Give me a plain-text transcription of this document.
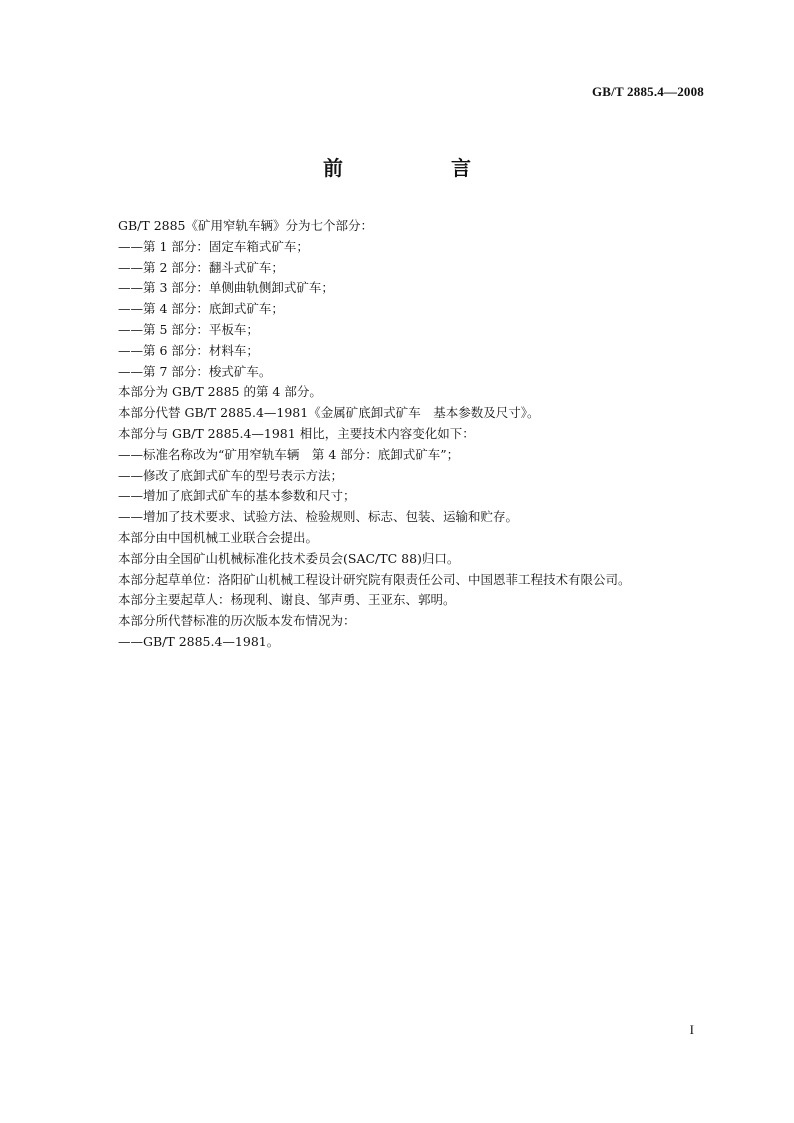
GB/T 2885.4—2008
前　言
GB/T 2885《矿用窄轨车辆》分为七个部分：
——第 1 部分：固定车箱式矿车；
——第 2 部分：翻斗式矿车；
——第 3 部分：单侧曲轨侧卸式矿车；
——第 4 部分：底卸式矿车；
——第 5 部分：平板车；
——第 6 部分：材料车；
——第 7 部分：梭式矿车。
本部分为 GB/T 2885 的第 4 部分。
本部分代替 GB/T 2885.4—1981《金属矿底卸式矿车　基本参数及尺寸》。
本部分与 GB/T 2885.4—1981 相比，主要技术内容变化如下：
——标准名称改为“矿用窄轨车辆　第 4 部分：底卸式矿车”；
——修改了底卸式矿车的型号表示方法；
——增加了底卸式矿车的基本参数和尺寸；
——增加了技术要求、试验方法、检验规则、标志、包装、运输和贮存。
本部分由中国机械工业联合会提出。
本部分由全国矿山机械标准化技术委员会(SAC/TC 88)归口。
本部分起草单位：洛阳矿山机械工程设计研究院有限责任公司、中国恩菲工程技术有限公司。
本部分主要起草人：杨现利、谢良、邹声勇、王亚东、郭明。
本部分所代替标准的历次版本发布情况为：
——GB/T 2885.4—1981。
I
